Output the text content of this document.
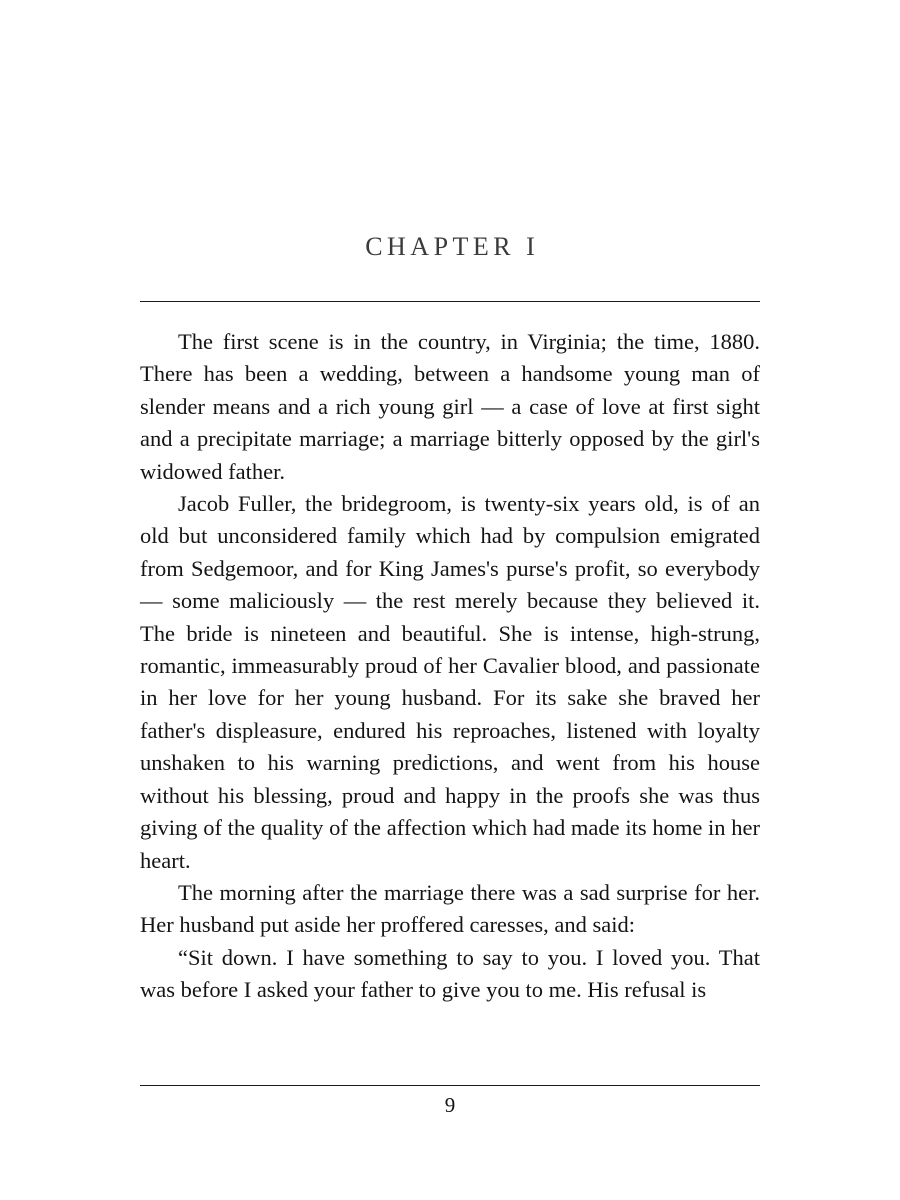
CHAPTER I

The first scene is in the country, in Virginia; the time, 1880. There has been a wedding, between a handsome young man of slender means and a rich young girl — a case of love at first sight and a precipitate marriage; a marriage bitterly opposed by the girl's widowed father.

Jacob Fuller, the bridegroom, is twenty-six years old, is of an old but unconsidered family which had by compulsion emigrated from Sedgemoor, and for King James's purse's profit, so everybody — some maliciously — the rest merely because they believed it. The bride is nineteen and beautiful. She is intense, high-strung, romantic, immeasurably proud of her Cavalier blood, and passionate in her love for her young husband. For its sake she braved her father's displeasure, endured his reproaches, listened with loyalty unshaken to his warning predictions, and went from his house without his blessing, proud and happy in the proofs she was thus giving of the quality of the affection which had made its home in her heart.

The morning after the marriage there was a sad surprise for her. Her husband put aside her proffered caresses, and said:

“Sit down. I have something to say to you. I loved you. That was before I asked your father to give you to me. His refusal is

9
